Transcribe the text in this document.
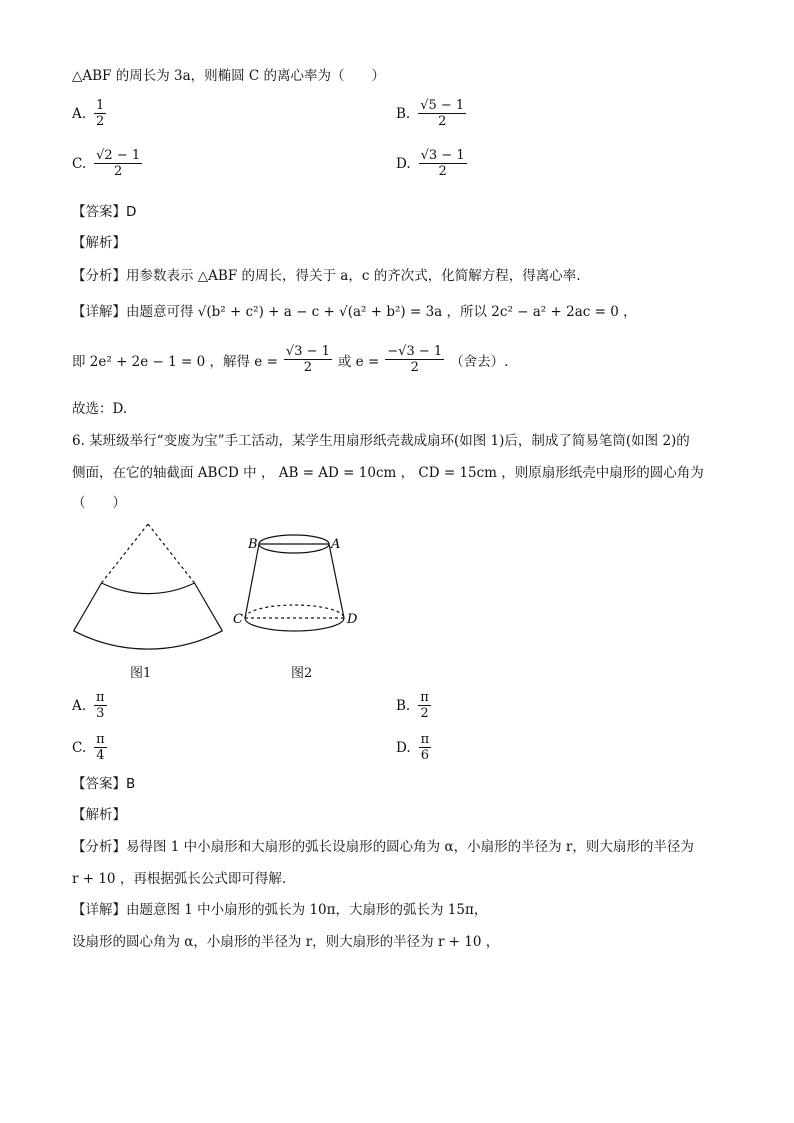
△ABF 的周长为 3a，则椭圆 C 的离心率为（　　）
A. $\frac{1}{2}$	B. $\frac{√5 - 1}{2}$
C. $\frac{√2 - 1}{2}$	D. $\frac{√3 - 1}{2}$
【答案】D
【解析】
【分析】用参数表示 △ABF 的周长，得关于 a，c 的齐次式，化简解方程，得离心率.
【详解】由题意可得 √(b² + c²) + a − c + √(a² + b²) = 3a ，所以 2c² − a² + 2ac = 0 ，
即 2e² + 2e − 1 = 0 ，解得 $e = \frac{√3 - 1}{2}$ 或 $e = \frac{-√3 - 1}{2}$ （舍去）.
故选：D.
6. 某班级举行“变废为宝”手工活动，某学生用扇形纸壳裁成扇环(如图 1)后，制成了简易笔筒(如图 2)的
侧面，在它的轴截面 ABCD 中 ， AB = AD = 10cm ， CD = 15cm ，则原扇形纸壳中扇形的圆心角为
（　　）
图1
B	A
C	D
图2
A. $\frac{\pi}{3}$	B. $\frac{\pi}{2}$
C. $\frac{\pi}{4}$	D. $\frac{\pi}{6}$
【答案】B
【解析】
【分析】易得图 1 中小扇形和大扇形的弧长设扇形的圆心角为 α，小扇形的半径为 r，则大扇形的半径为
r + 10 ，再根据弧长公式即可得解.
【详解】由题意图 1 中小扇形的弧长为 10π，大扇形的弧长为 15π，
设扇形的圆心角为 α，小扇形的半径为 r，则大扇形的半径为 r + 10 ，
